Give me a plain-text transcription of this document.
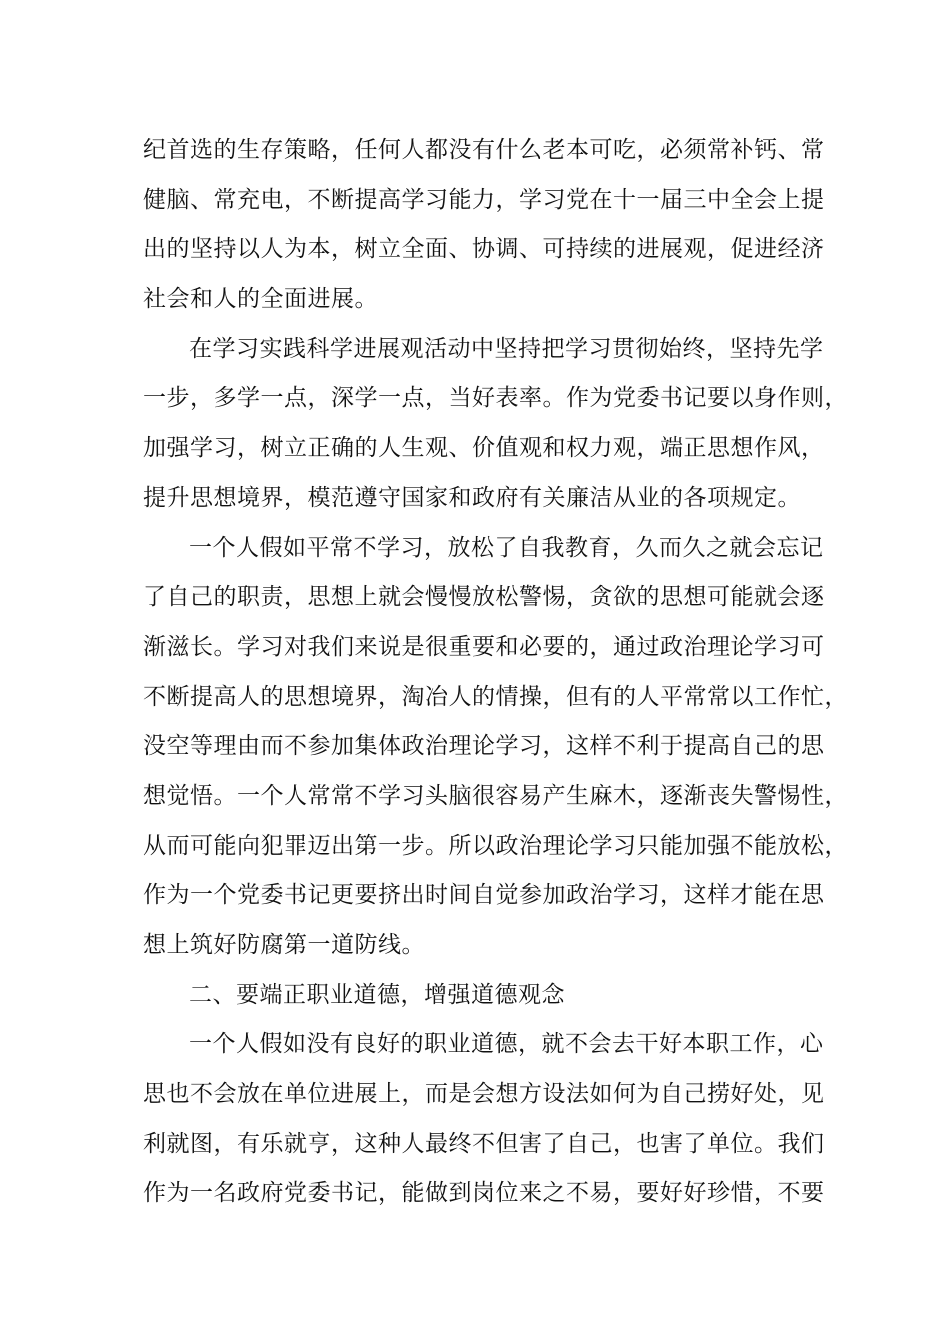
纪首选的生存策略，任何人都没有什么老本可吃，必须常补钙、常
健脑、常充电，不断提高学习能力，学习党在十一届三中全会上提
出的坚持以人为本，树立全面、协调、可持续的进展观，促进经济
社会和人的全面进展。
在学习实践科学进展观活动中坚持把学习贯彻始终，坚持先学
一步，多学一点，深学一点，当好表率。作为党委书记要以身作则，
加强学习，树立正确的人生观、价值观和权力观，端正思想作风，
提升思想境界，模范遵守国家和政府有关廉洁从业的各项规定。
一个人假如平常不学习，放松了自我教育，久而久之就会忘记
了自己的职责，思想上就会慢慢放松警惕，贪欲的思想可能就会逐
渐滋长。学习对我们来说是很重要和必要的，通过政治理论学习可
不断提高人的思想境界，淘冶人的情操，但有的人平常常以工作忙，
没空等理由而不参加集体政治理论学习，这样不利于提高自己的思
想觉悟。一个人常常不学习头脑很容易产生麻木，逐渐丧失警惕性，
从而可能向犯罪迈出第一步。所以政治理论学习只能加强不能放松，
作为一个党委书记更要挤出时间自觉参加政治学习，这样才能在思
想上筑好防腐第一道防线。
二、要端正职业道德，增强道德观念
一个人假如没有良好的职业道德，就不会去干好本职工作，心
思也不会放在单位进展上，而是会想方设法如何为自己捞好处，见
利就图，有乐就亨，这种人最终不但害了自己，也害了单位。我们
作为一名政府党委书记，能做到岗位来之不易，要好好珍惜，不要
